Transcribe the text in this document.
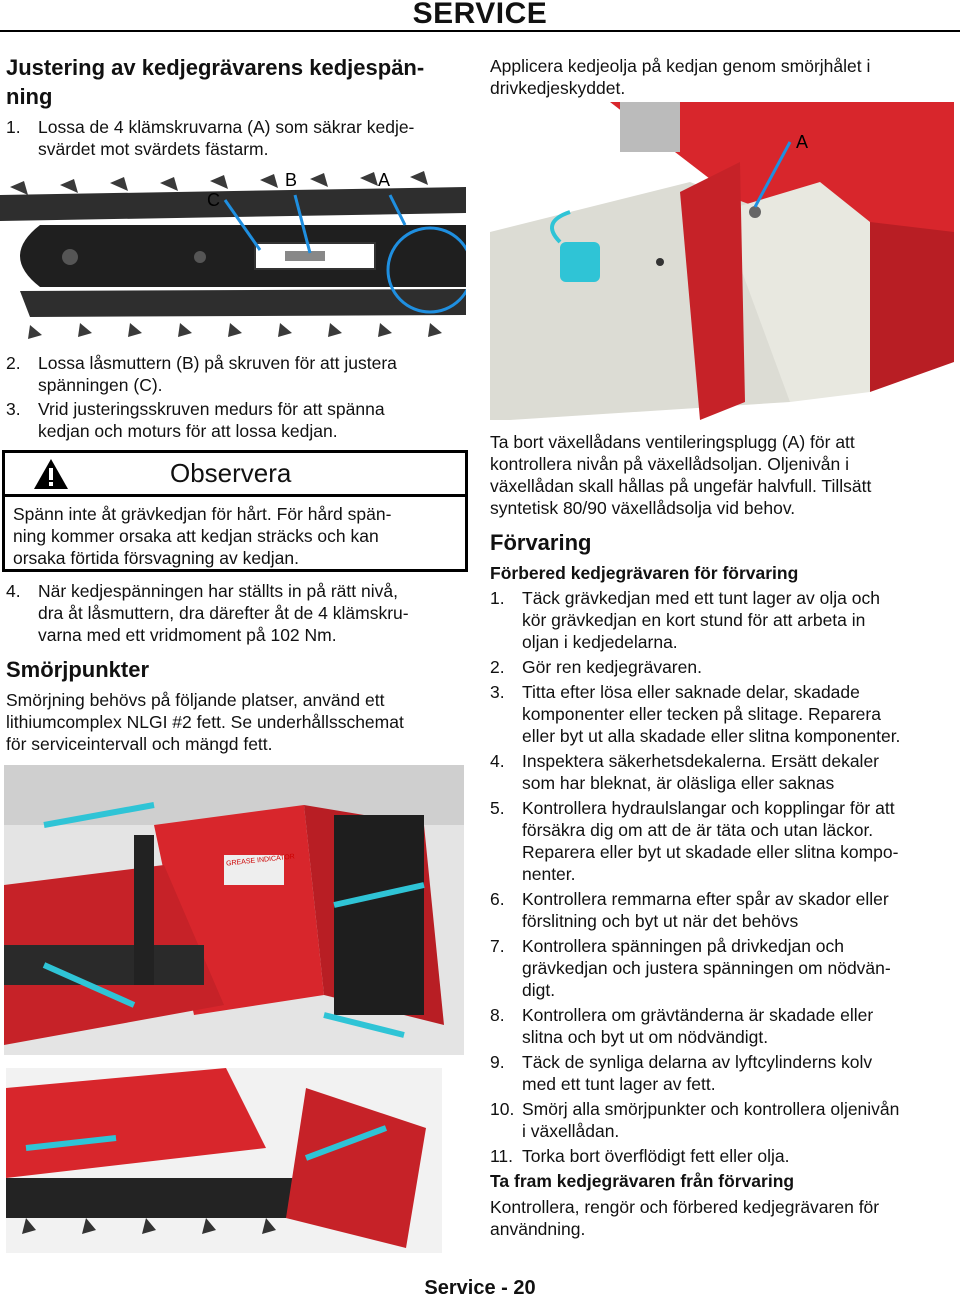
SERVICE
Justering av kedjegrävarens kedjespän-
ning
1. Lossa de 4 klämskruvarna (A) som säkrar kedje-
svärdet mot svärdets fästarm.
C
B	A
2. Lossa låsmuttern (B) på skruven för att justera
spänningen (C).
3. Vrid justeringsskruven medurs för att spänna
kedjan och moturs för att lossa kedjan.
Observera
Spänn inte åt grävkedjan för hårt. För hård spän-
ning kommer orsaka att kedjan sträcks och kan
orsaka förtida försvagning av kedjan.
4. När kedjespänningen har ställts in på rätt nivå,
dra åt låsmuttern, dra därefter åt de 4 klämskru-
varna med ett vridmoment på 102 Nm.
Smörjpunkter
Smörjning behövs på följande platser, använd ett
lithiumcomplex NLGI #2 fett. Se underhållsschemat
för serviceintervall och mängd fett.
GREASE INDICATOR
Applicera kedjeolja på kedjan genom smörjhålet i
drivkedjeskyddet.
A
Ta bort växellådans ventileringsplugg (A) för att
kontrollera nivån på växellådsoljan. Oljenivån i
växellådan skall hållas på ungefär halvfull. Tillsätt
syntetisk 80/90 växellådsolja vid behov.
Förvaring
Förbered kedjegrävaren för förvaring
1. Täck grävkedjan med ett tunt lager av olja och
kör grävkedjan en kort stund för att arbeta in
oljan i kedjedelarna.
2. Gör ren kedjegrävaren.
3. Titta efter lösa eller saknade delar, skadade
komponenter eller tecken på slitage. Reparera
eller byt ut alla skadade eller slitna komponenter.
4. Inspektera säkerhetsdekalerna. Ersätt dekaler
som har bleknat, är oläsliga eller saknas
5. Kontrollera hydraulslangar och kopplingar för att
försäkra dig om att de är täta och utan läckor.
Reparera eller byt ut skadade eller slitna kompo-
nenter.
6. Kontrollera remmarna efter spår av skador eller
förslitning och byt ut när det behövs
7. Kontrollera spänningen på drivkedjan och
grävkedjan och justera spänningen om nödvän-
digt.
8. Kontrollera om grävtänderna är skadade eller
slitna och byt ut om nödvändigt.
9. Täck de synliga delarna av lyftcylinderns kolv
med ett tunt lager av fett.
10. Smörj alla smörjpunkter och kontrollera oljenivån
i växellådan.
11. Torka bort överflödigt fett eller olja.
Ta fram kedjegrävaren från förvaring
Kontrollera, rengör och förbered kedjegrävaren för
användning.
Service - 20
